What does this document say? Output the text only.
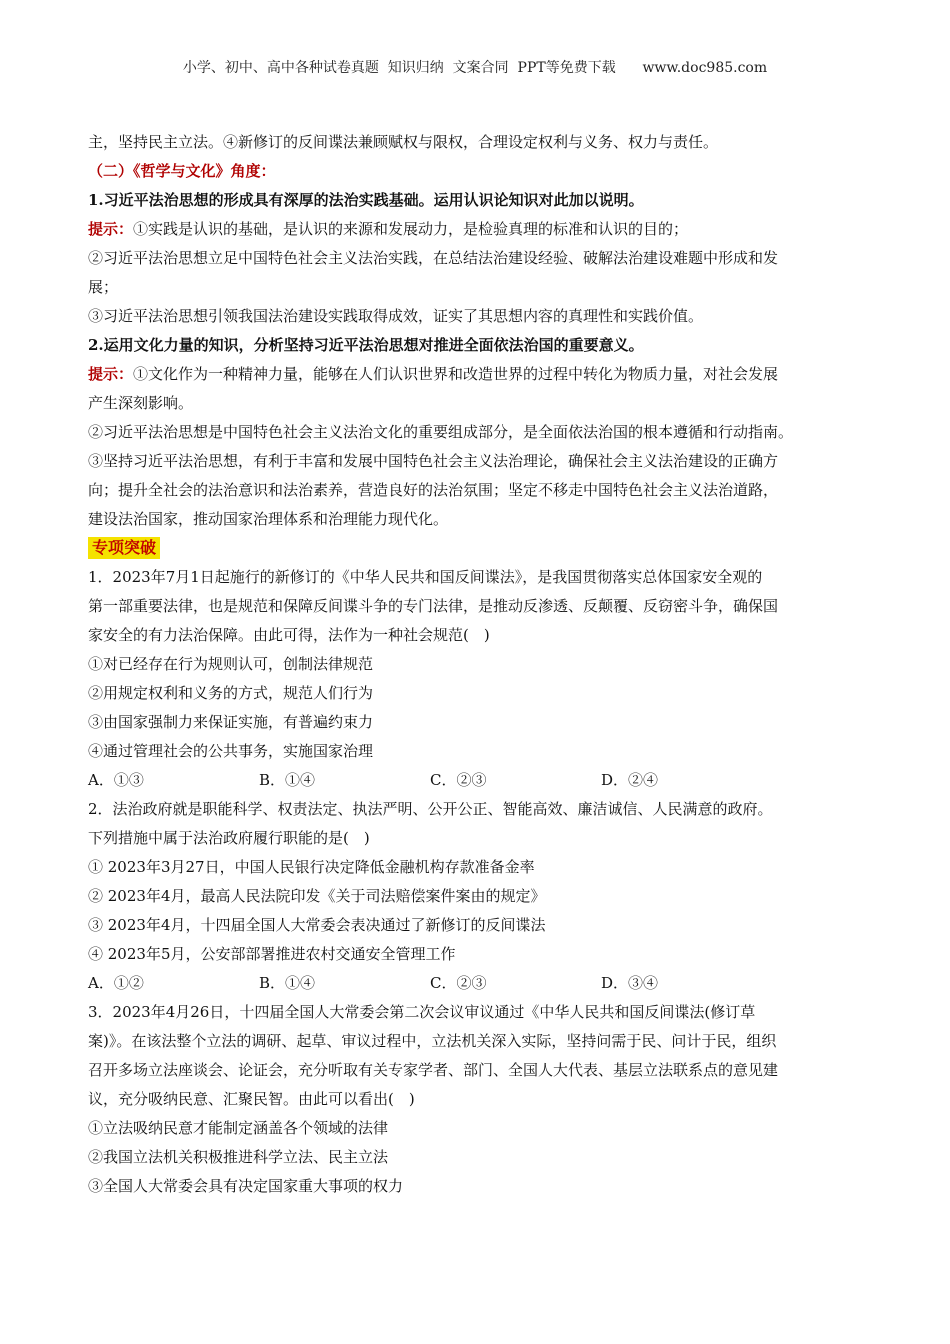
小学、初中、高中各种试卷真题  知识归纳  文案合同  PPT等免费下载      www.doc985.com

主，坚持民主立法。④新修订的反间谍法兼顾赋权与限权，合理设定权利与义务、权力与责任。

（二）《哲学与文化》角度：

1.习近平法治思想的形成具有深厚的法治实践基础。运用认识论知识对此加以说明。

提示：①实践是认识的基础，是认识的来源和发展动力，是检验真理的标准和认识的目的；

②习近平法治思想立足中国特色社会主义法治实践，在总结法治建设经验、破解法治建设难题中形成和发

展；

③习近平法治思想引领我国法治建设实践取得成效，证实了其思想内容的真理性和实践价值。

2.运用文化力量的知识，分析坚持习近平法治思想对推进全面依法治国的重要意义。

提示：①文化作为一种精神力量，能够在人们认识世界和改造世界的过程中转化为物质力量，对社会发展

产生深刻影响。

②习近平法治思想是中国特色社会主义法治文化的重要组成部分，是全面依法治国的根本遵循和行动指南。

③坚持习近平法治思想，有利于丰富和发展中国特色社会主义法治理论，确保社会主义法治建设的正确方

向；提升全社会的法治意识和法治素养，营造良好的法治氛围；坚定不移走中国特色社会主义法治道路，

建设法治国家，推动国家治理体系和治理能力现代化。

专项突破

1．2023年7月1日起施行的新修订的《中华人民共和国反间谍法》，是我国贯彻落实总体国家安全观的

第一部重要法律，也是规范和保障反间谍斗争的专门法律，是推动反渗透、反颠覆、反窃密斗争，确保国

家安全的有力法治保障。由此可得，法作为一种社会规范(　)

①对已经存在行为规则认可，创制法律规范

②用规定权利和义务的方式，规范人们行为

③由国家强制力来保证实施，有普遍约束力

④通过管理社会的公共事务，实施国家治理

A．①③	B．①④	C．②③	D．②④

2．法治政府就是职能科学、权责法定、执法严明、公开公正、智能高效、廉洁诚信、人民满意的政府。

下列措施中属于法治政府履行职能的是(　)

① 2023年3月27日，中国人民银行决定降低金融机构存款准备金率

② 2023年4月，最高人民法院印发《关于司法赔偿案件案由的规定》

③ 2023年4月，十四届全国人大常委会表决通过了新修订的反间谍法

④ 2023年5月，公安部部署推进农村交通安全管理工作

A．①②	B．①④	C．②③	D．③④

3．2023年4月26日，十四届全国人大常委会第二次会议审议通过《中华人民共和国反间谍法(修订草

案)》。在该法整个立法的调研、起草、审议过程中，立法机关深入实际，坚持问需于民、问计于民，组织

召开多场立法座谈会、论证会，充分听取有关专家学者、部门、全国人大代表、基层立法联系点的意见建

议，充分吸纳民意、汇聚民智。由此可以看出(　)

①立法吸纳民意才能制定涵盖各个领域的法律

②我国立法机关积极推进科学立法、民主立法

③全国人大常委会具有决定国家重大事项的权力
